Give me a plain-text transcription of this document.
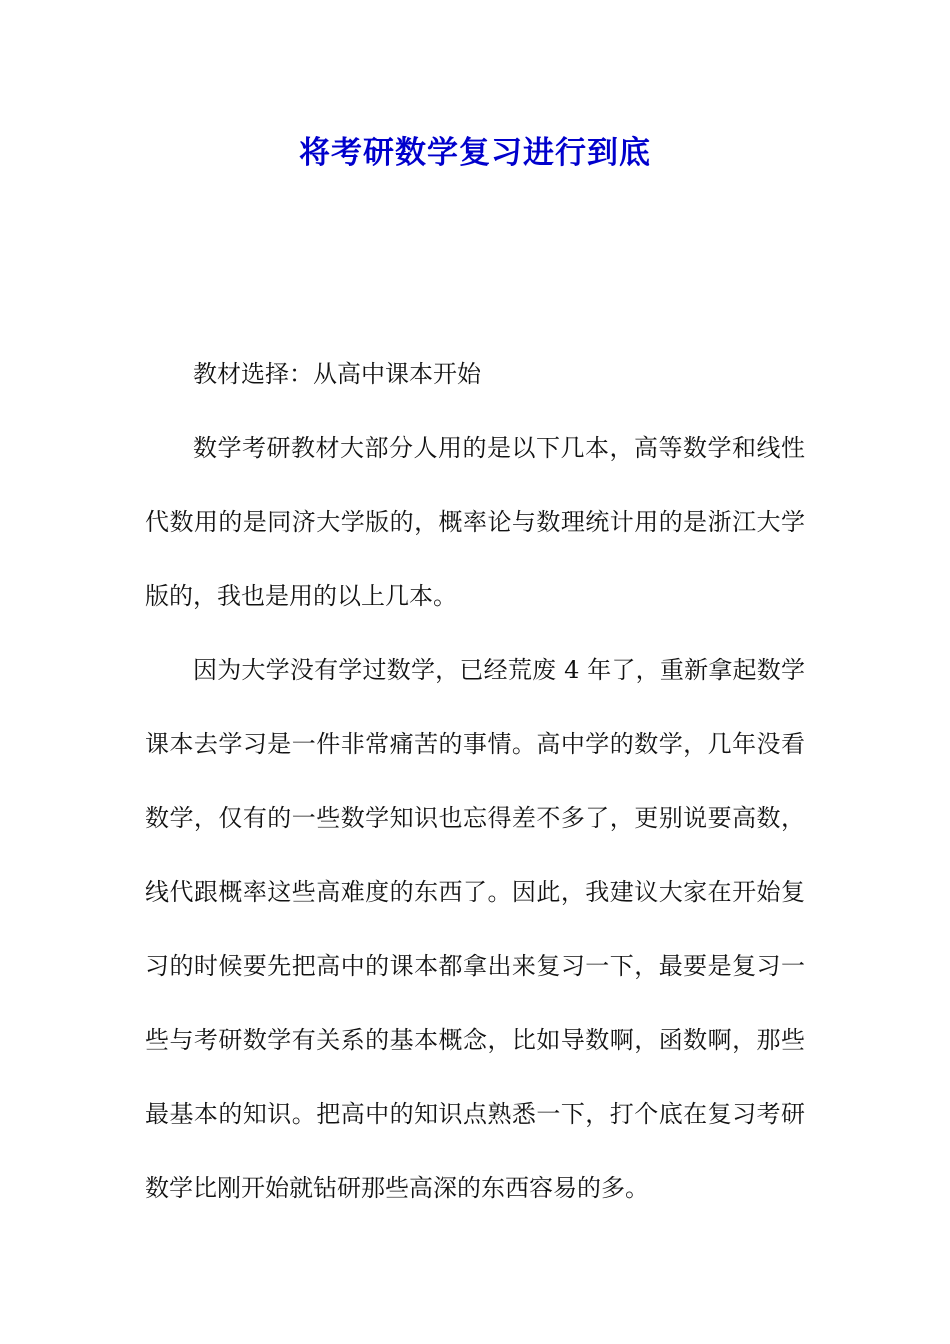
将考研数学复习进行到底

教材选择：从高中课本开始

数学考研教材大部分人用的是以下几本，高等数学和线性代数用的是同济大学版的，概率论与数理统计用的是浙江大学版的，我也是用的以上几本。

因为大学没有学过数学，已经荒废 4 年了，重新拿起数学课本去学习是一件非常痛苦的事情。高中学的数学，几年没看数学，仅有的一些数学知识也忘得差不多了，更别说要高数，线代跟概率这些高难度的东西了。因此，我建议大家在开始复习的时候要先把高中的课本都拿出来复习一下，最要是复习一些与考研数学有关系的基本概念，比如导数啊，函数啊，那些最基本的知识。把高中的知识点熟悉一下，打个底在复习考研数学比刚开始就钻研那些高深的东西容易的多。
